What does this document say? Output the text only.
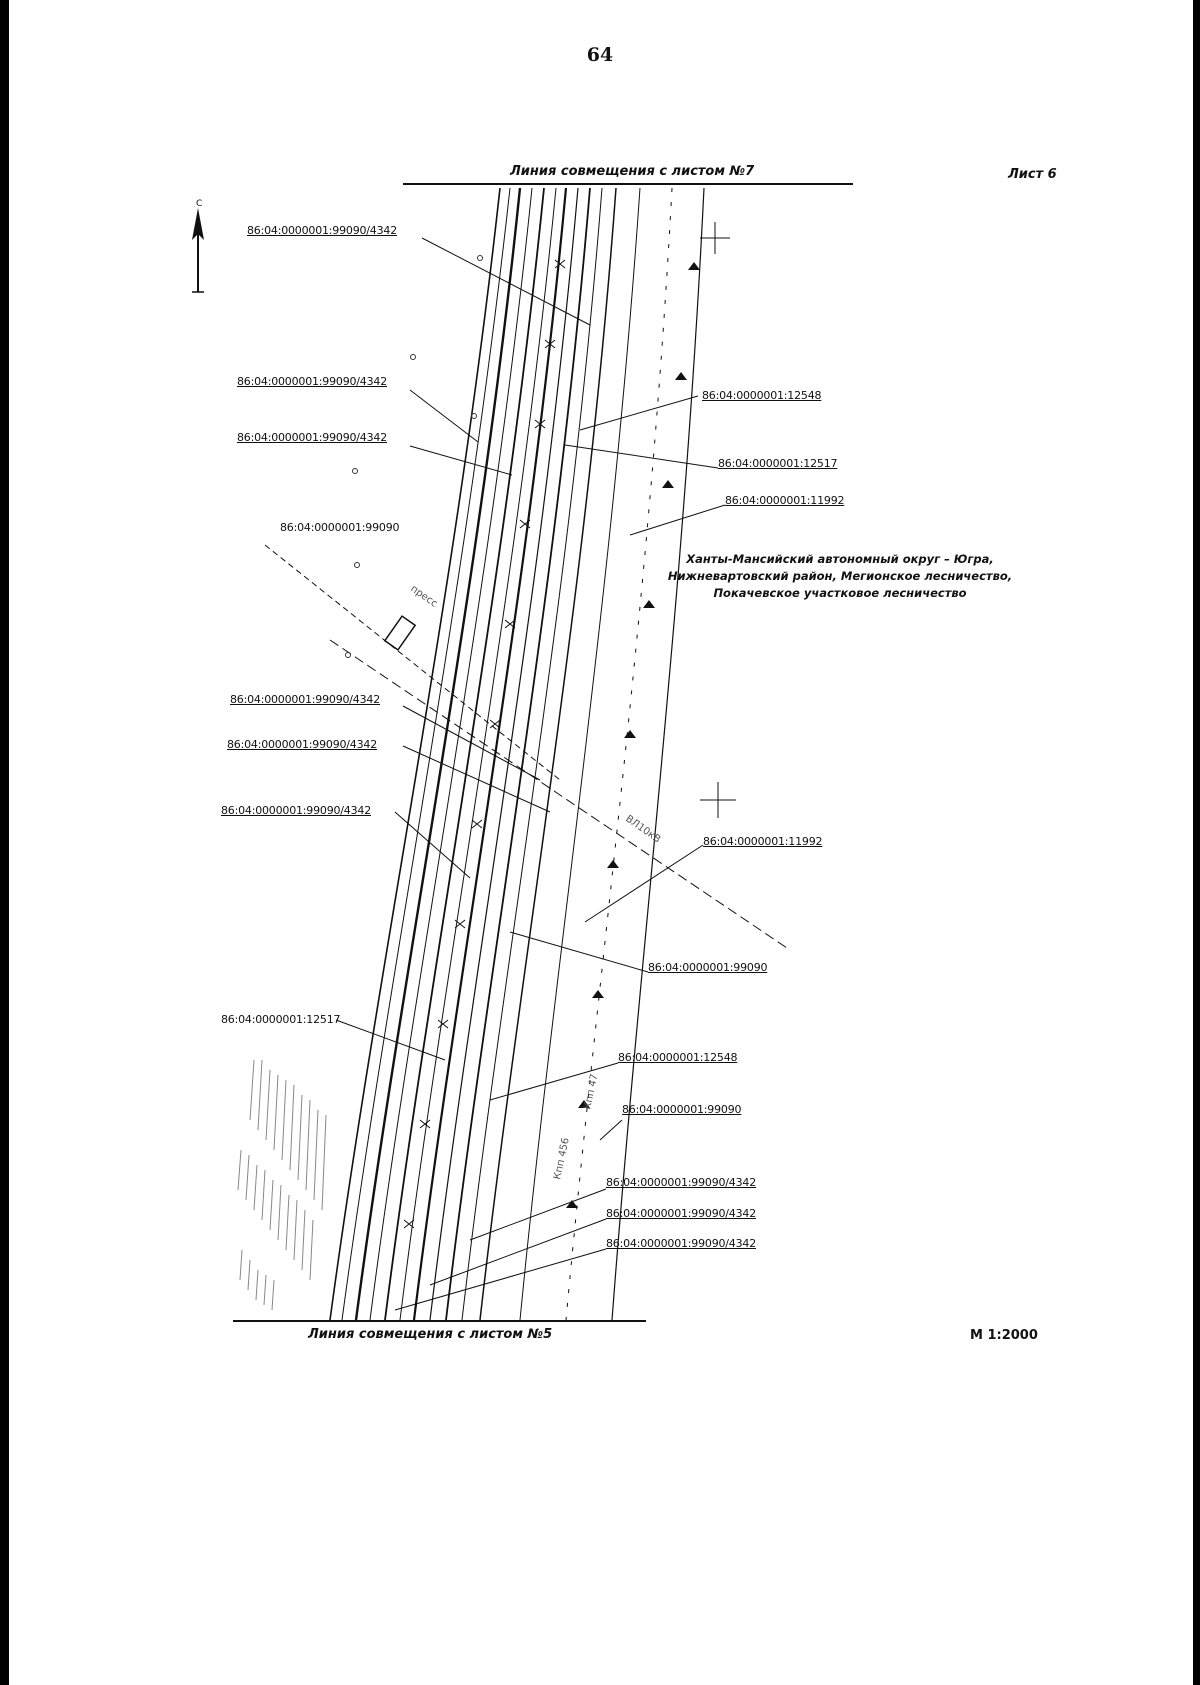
64
Лист 6
С
пресс
ВЛ10кВ
Кпп 456
Кпп 47
Линия совмещения с листом №7
Линия совмещения с листом №5	М 1:2000
Ханты-Мансийский автономный округ – Югра,
Нижневартовский район, Мегионское лесничество,
Покачевское участковое лесничество
86:04:0000001:99090/4342
86:04:0000001:99090/4342
86:04:0000001:99090/4342
86:04:0000001:12548
86:04:0000001:12517
86:04:0000001:11992
86:04:0000001:99090
86:04:0000001:99090/4342
86:04:0000001:99090/4342
86:04:0000001:99090/4342
86:04:0000001:11992
86:04:0000001:99090
86:04:0000001:12517
86:04:0000001:12548
86:04:0000001:99090
86:04:0000001:99090/4342
86:04:0000001:99090/4342
86:04:0000001:99090/4342
